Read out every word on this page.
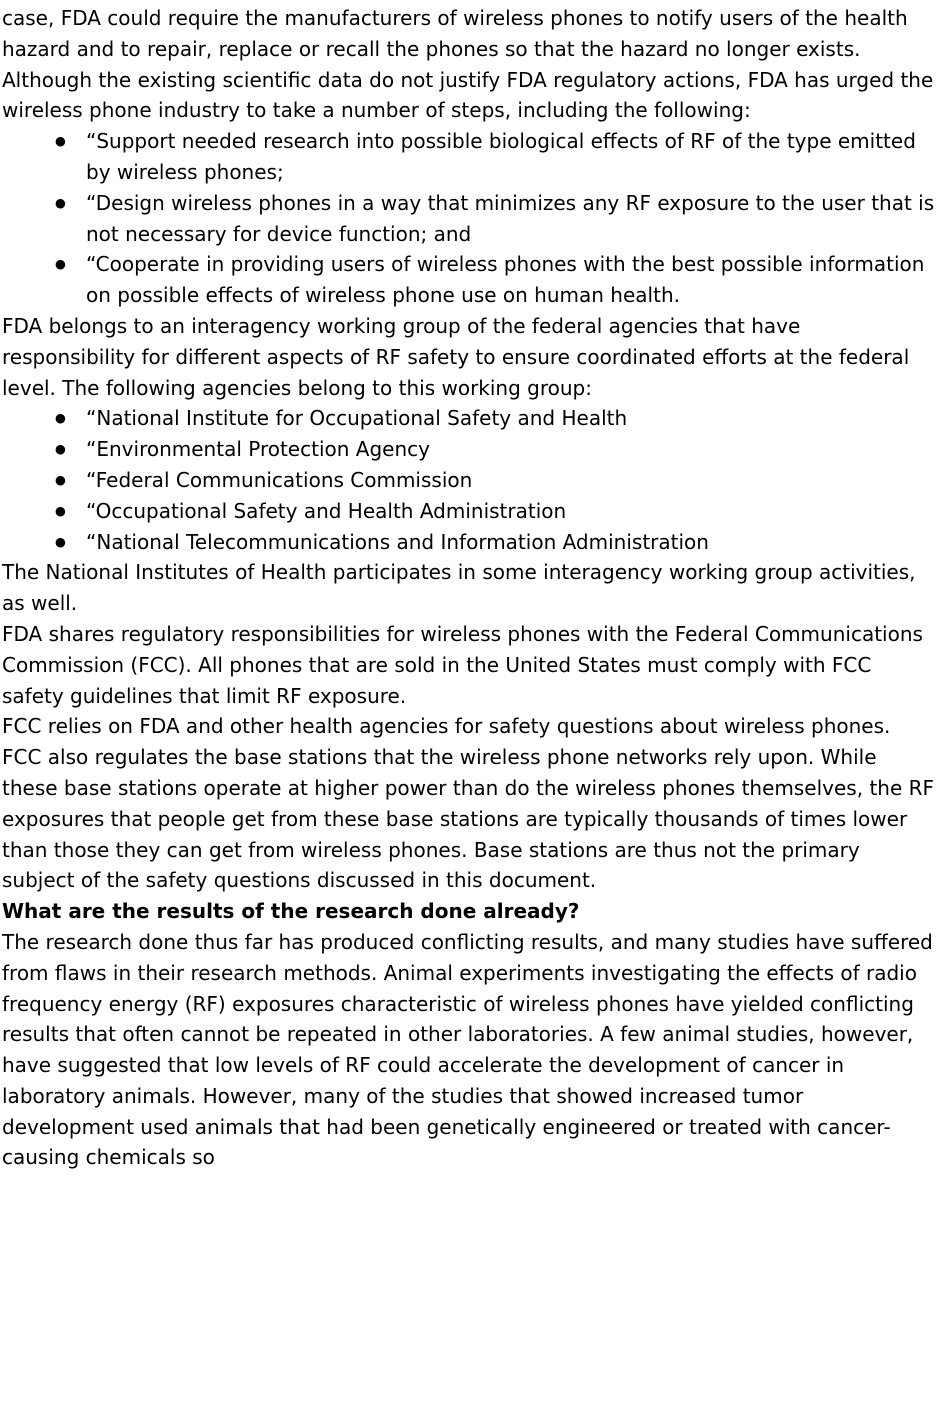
case, FDA could require the manufacturers of wireless phones to notify users of the health hazard and to repair, replace or recall the phones so that the hazard no longer exists.

Although the existing scientific data do not justify FDA regulatory actions, FDA has urged the wireless phone industry to take a number of steps, including the following:

●	“Support needed research into possible biological effects of RF of the type emitted by wireless phones;
●	“Design wireless phones in a way that minimizes any RF exposure to the user that is not necessary for device function; and
●	“Cooperate in providing users of wireless phones with the best possible information on possible effects of wireless phone use on human health.

FDA belongs to an interagency working group of the federal agencies that have responsibility for different aspects of RF safety to ensure coordinated efforts at the federal level. The following agencies belong to this working group:

●	“National Institute for Occupational Safety and Health
●	“Environmental Protection Agency
●	“Federal Communications Commission
●	“Occupational Safety and Health Administration
●	“National Telecommunications and Information Administration

The National Institutes of Health participates in some interagency working group activities, as well.

FDA shares regulatory responsibilities for wireless phones with the Federal Communications Commission (FCC). All phones that are sold in the United States must comply with FCC safety guidelines that limit RF exposure.

FCC relies on FDA and other health agencies for safety questions about wireless phones.

FCC also regulates the base stations that the wireless phone networks rely upon. While these base stations operate at higher power than do the wireless phones themselves, the RF exposures that people get from these base stations are typically thousands of times lower than those they can get from wireless phones. Base stations are thus not the primary subject of the safety questions discussed in this document.

What are the results of the research done already?

The research done thus far has produced conflicting results, and many studies have suffered from flaws in their research methods. Animal experiments investigating the effects of radio frequency energy (RF) exposures characteristic of wireless phones have yielded conflicting results that often cannot be repeated in other laboratories. A few animal studies, however, have suggested that low levels of RF could accelerate the development of cancer in laboratory animals. However, many of the studies that showed increased tumor development used animals that had been genetically engineered or treated with cancer-causing chemicals so
